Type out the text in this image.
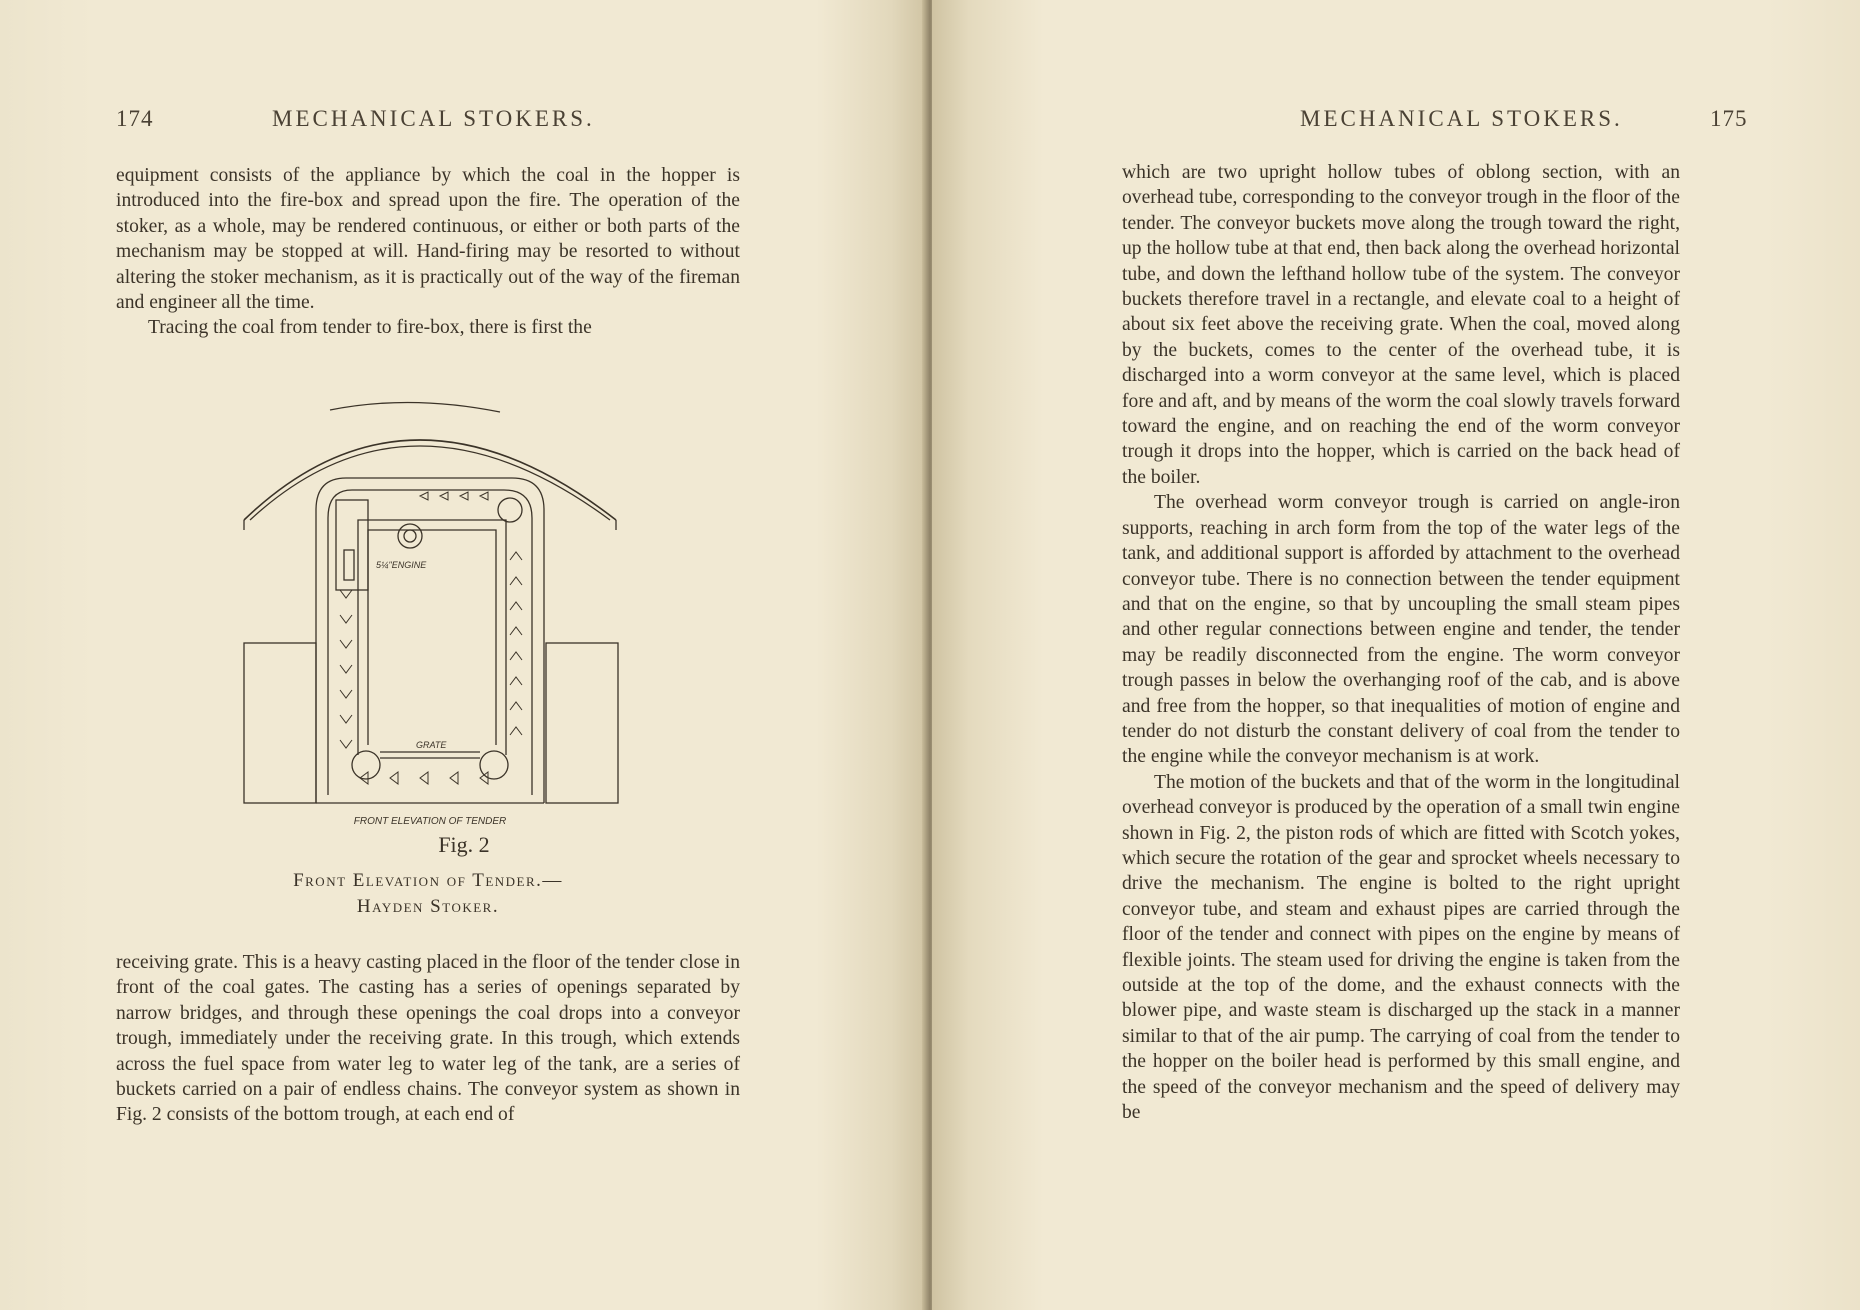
174	MECHANICAL STOKERS.

equipment consists of the appliance by which the coal in the hopper is introduced into the fire-box and spread upon the fire. The operation of the stoker, as a whole, may be rendered continuous, or either or both parts of the mechanism may be stopped at will. Hand-firing may be resorted to without altering the stoker mechanism, as it is practically out of the way of the fireman and engineer all the time.

Tracing the coal from tender to fire-box, there is first the

5¼"ENGINE
GRATE
FRONT ELEVATION OF TENDER
Fig. 2
Front Elevation of Tender.—
Hayden Stoker.

receiving grate. This is a heavy casting placed in the floor of the tender close in front of the coal gates. The casting has a series of openings separated by narrow bridges, and through these openings the coal drops into a conveyor trough, immediately under the receiving grate. In this trough, which extends across the fuel space from water leg to water leg of the tank, are a series of buckets carried on a pair of endless chains. The conveyor system as shown in Fig. 2 consists of the bottom trough, at each end of

MECHANICAL STOKERS.	175

which are two upright hollow tubes of oblong section, with an overhead tube, corresponding to the conveyor trough in the floor of the tender. The conveyor buckets move along the trough toward the right, up the hollow tube at that end, then back along the overhead horizontal tube, and down the lefthand hollow tube of the system. The conveyor buckets therefore travel in a rectangle, and elevate coal to a height of about six feet above the receiving grate. When the coal, moved along by the buckets, comes to the center of the overhead tube, it is discharged into a worm conveyor at the same level, which is placed fore and aft, and by means of the worm the coal slowly travels forward toward the engine, and on reaching the end of the worm conveyor trough it drops into the hopper, which is carried on the back head of the boiler.

The overhead worm conveyor trough is carried on angle-iron supports, reaching in arch form from the top of the water legs of the tank, and additional support is afforded by attachment to the overhead conveyor tube. There is no connection between the tender equipment and that on the engine, so that by uncoupling the small steam pipes and other regular connections between engine and tender, the tender may be readily disconnected from the engine. The worm conveyor trough passes in below the overhanging roof of the cab, and is above and free from the hopper, so that inequalities of motion of engine and tender do not disturb the constant delivery of coal from the tender to the engine while the conveyor mechanism is at work.

The motion of the buckets and that of the worm in the longitudinal overhead conveyor is produced by the operation of a small twin engine shown in Fig. 2, the piston rods of which are fitted with Scotch yokes, which secure the rotation of the gear and sprocket wheels necessary to drive the mechanism. The engine is bolted to the right upright conveyor tube, and steam and exhaust pipes are carried through the floor of the tender and connect with pipes on the engine by means of flexible joints. The steam used for driving the engine is taken from the outside at the top of the dome, and the exhaust connects with the blower pipe, and waste steam is discharged up the stack in a manner similar to that of the air pump. The carrying of coal from the tender to the hopper on the boiler head is performed by this small engine, and the speed of the conveyor mechanism and the speed of delivery may be
